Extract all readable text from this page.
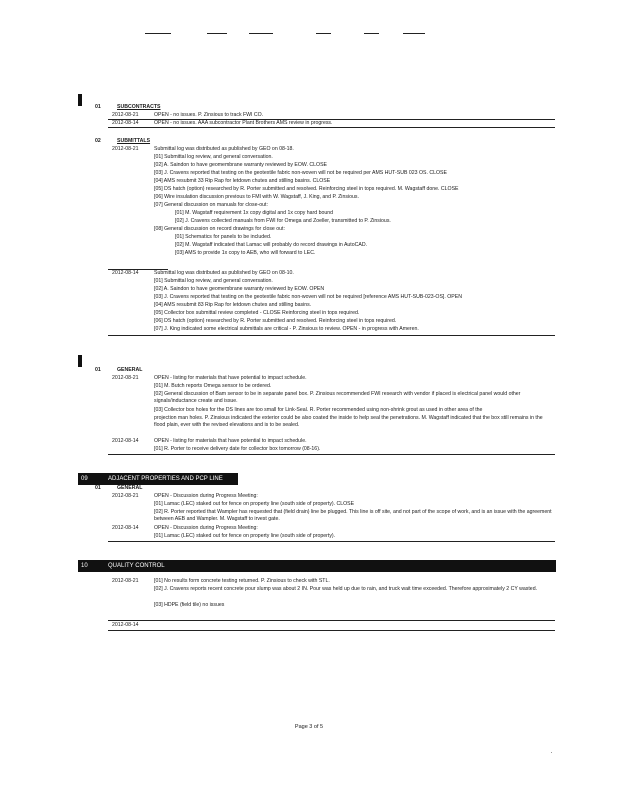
01	SUBCONTRACTS
2012-08-21	OPEN - no issues. P. Zinsious to track FWI CO.
2012-08-14	OPEN - no issues. AAA subcontractor Plant Brothers AMS review in progress.
02	SUBMITTALS
2012-08-21	Submittal log was distributed as published by GEO on 08-18.
[01] Submittal log review, and general conversation.
[02] A. Saindon to have geomembrane warranty reviewed by EOW. CLOSE
[03] J. Cravens reported that testing on the geotextile fabric non-woven will not be required per AMS HUT-SUB 023 OS. CLOSE
[04] AMS resubmit 33 Rip Rap for letdown chutes and stilling basins. CLOSE
[05] DS hatch (option) researched by R. Porter submitted and resolved. Reinforcing steel in tops required. M. Wagstaff done. CLOSE
[06] Wire insulation discussion previous to FMI with W. Wagstaff, J. King, and P. Zinsious.
[07] General discussion on manuals for close-out:
[01] M. Wagstaff requirement 1x copy digital and 1x copy hard bound
[02] J. Cravens collected manuals from FWI for Omega and Zoeller, transmitted to P. Zinsious.
[08] General discussion on record drawings for close out:
[01] Schematics for panels to be included.
[02] M. Wagstaff indicated that Lamac will probably do record drawings in AutoCAD.
[03] AMS to provide 1x copy to AEB, who will forward to LEC.
2012-08-14	Submittal log was distributed as published by GEO on 08-10.
[01] Submittal log review, and general conversation.
[02] A. Saindon to have geomembrane warranty reviewed by EOW. OPEN
[03] J. Cravens reported that testing on the geotextile fabric non-woven will not be required [reference AMS HUT-SUB-023-OS]. OPEN
[04] AMS resubmit 83 Rip Rap for letdown chutes and stilling basins.
[05] Collector box submittal review completed - CLOSE Reinforcing steel in tops required.
[06] DS hatch (option) researched by R. Porter submitted and resolved. Reinforcing steel in tops required.
[07] J. King indicated some electrical submittals are critical - P. Zinsious to review. OPEN - in progress with Ameren.
01	GENERAL
2012-08-21	OPEN - listing for materials that have potential to impact schedule.
[01] M. Butch reports Omega sensor to be ordered.
[02] General discussion of Bam sensor to be in separate panel box. P. Zinsious recommended FWI research with vendor if placed is electrical panel would other signals/inductance create and issue.
[03] Collector box holes for the DS lines are too small for Link-Seal. R. Porter recommended using non-shrink grout as used in other area of the
projection man holes. P. Zinsious indicated the exterior could be also coated the inside to help seal the penetrations. M. Wagstaff indicated that the box still remains in the flood plain, ever with the revised elevations and is to be sealed.
2012-08-14	OPEN - listing for materials that have potential to impact schedule.
[01] R. Porter to receive delivery date for collector box tomorrow (08-16).
09	ADJACENT PROPERTIES AND PCP LINE
01	GENERAL
2012-08-21	OPEN - Discussion during Progress Meeting:
[01] Lamac (LEC) staked out for fence on property line (south side of property). CLOSE
[02] R. Porter reported that Wampler has requested that (field drain) line be plugged. This line is off site, and not part of the scope of work, and is an issue with the agreement between AEB and Wampler. M. Wagstaff to irvest gate.
2012-08-14	OPEN - Discussion during Progress Meeting:
[01] Lamac (LEC) staked out for fence on property line (south side of property).
10	QUALITY CONTROL
2012-08-21	[01] No results form concrete testing returned. P. Zinsious to check with STL.
[02] J. Cravens reports recent concrete pour slump was about 2 IN. Pour was held up due to rain, and truck wait time exceeded. Therefore approximately 2 CY wasted.
[03] HDPE (field tile) no issues
2012-08-14
Page 3 of 5
